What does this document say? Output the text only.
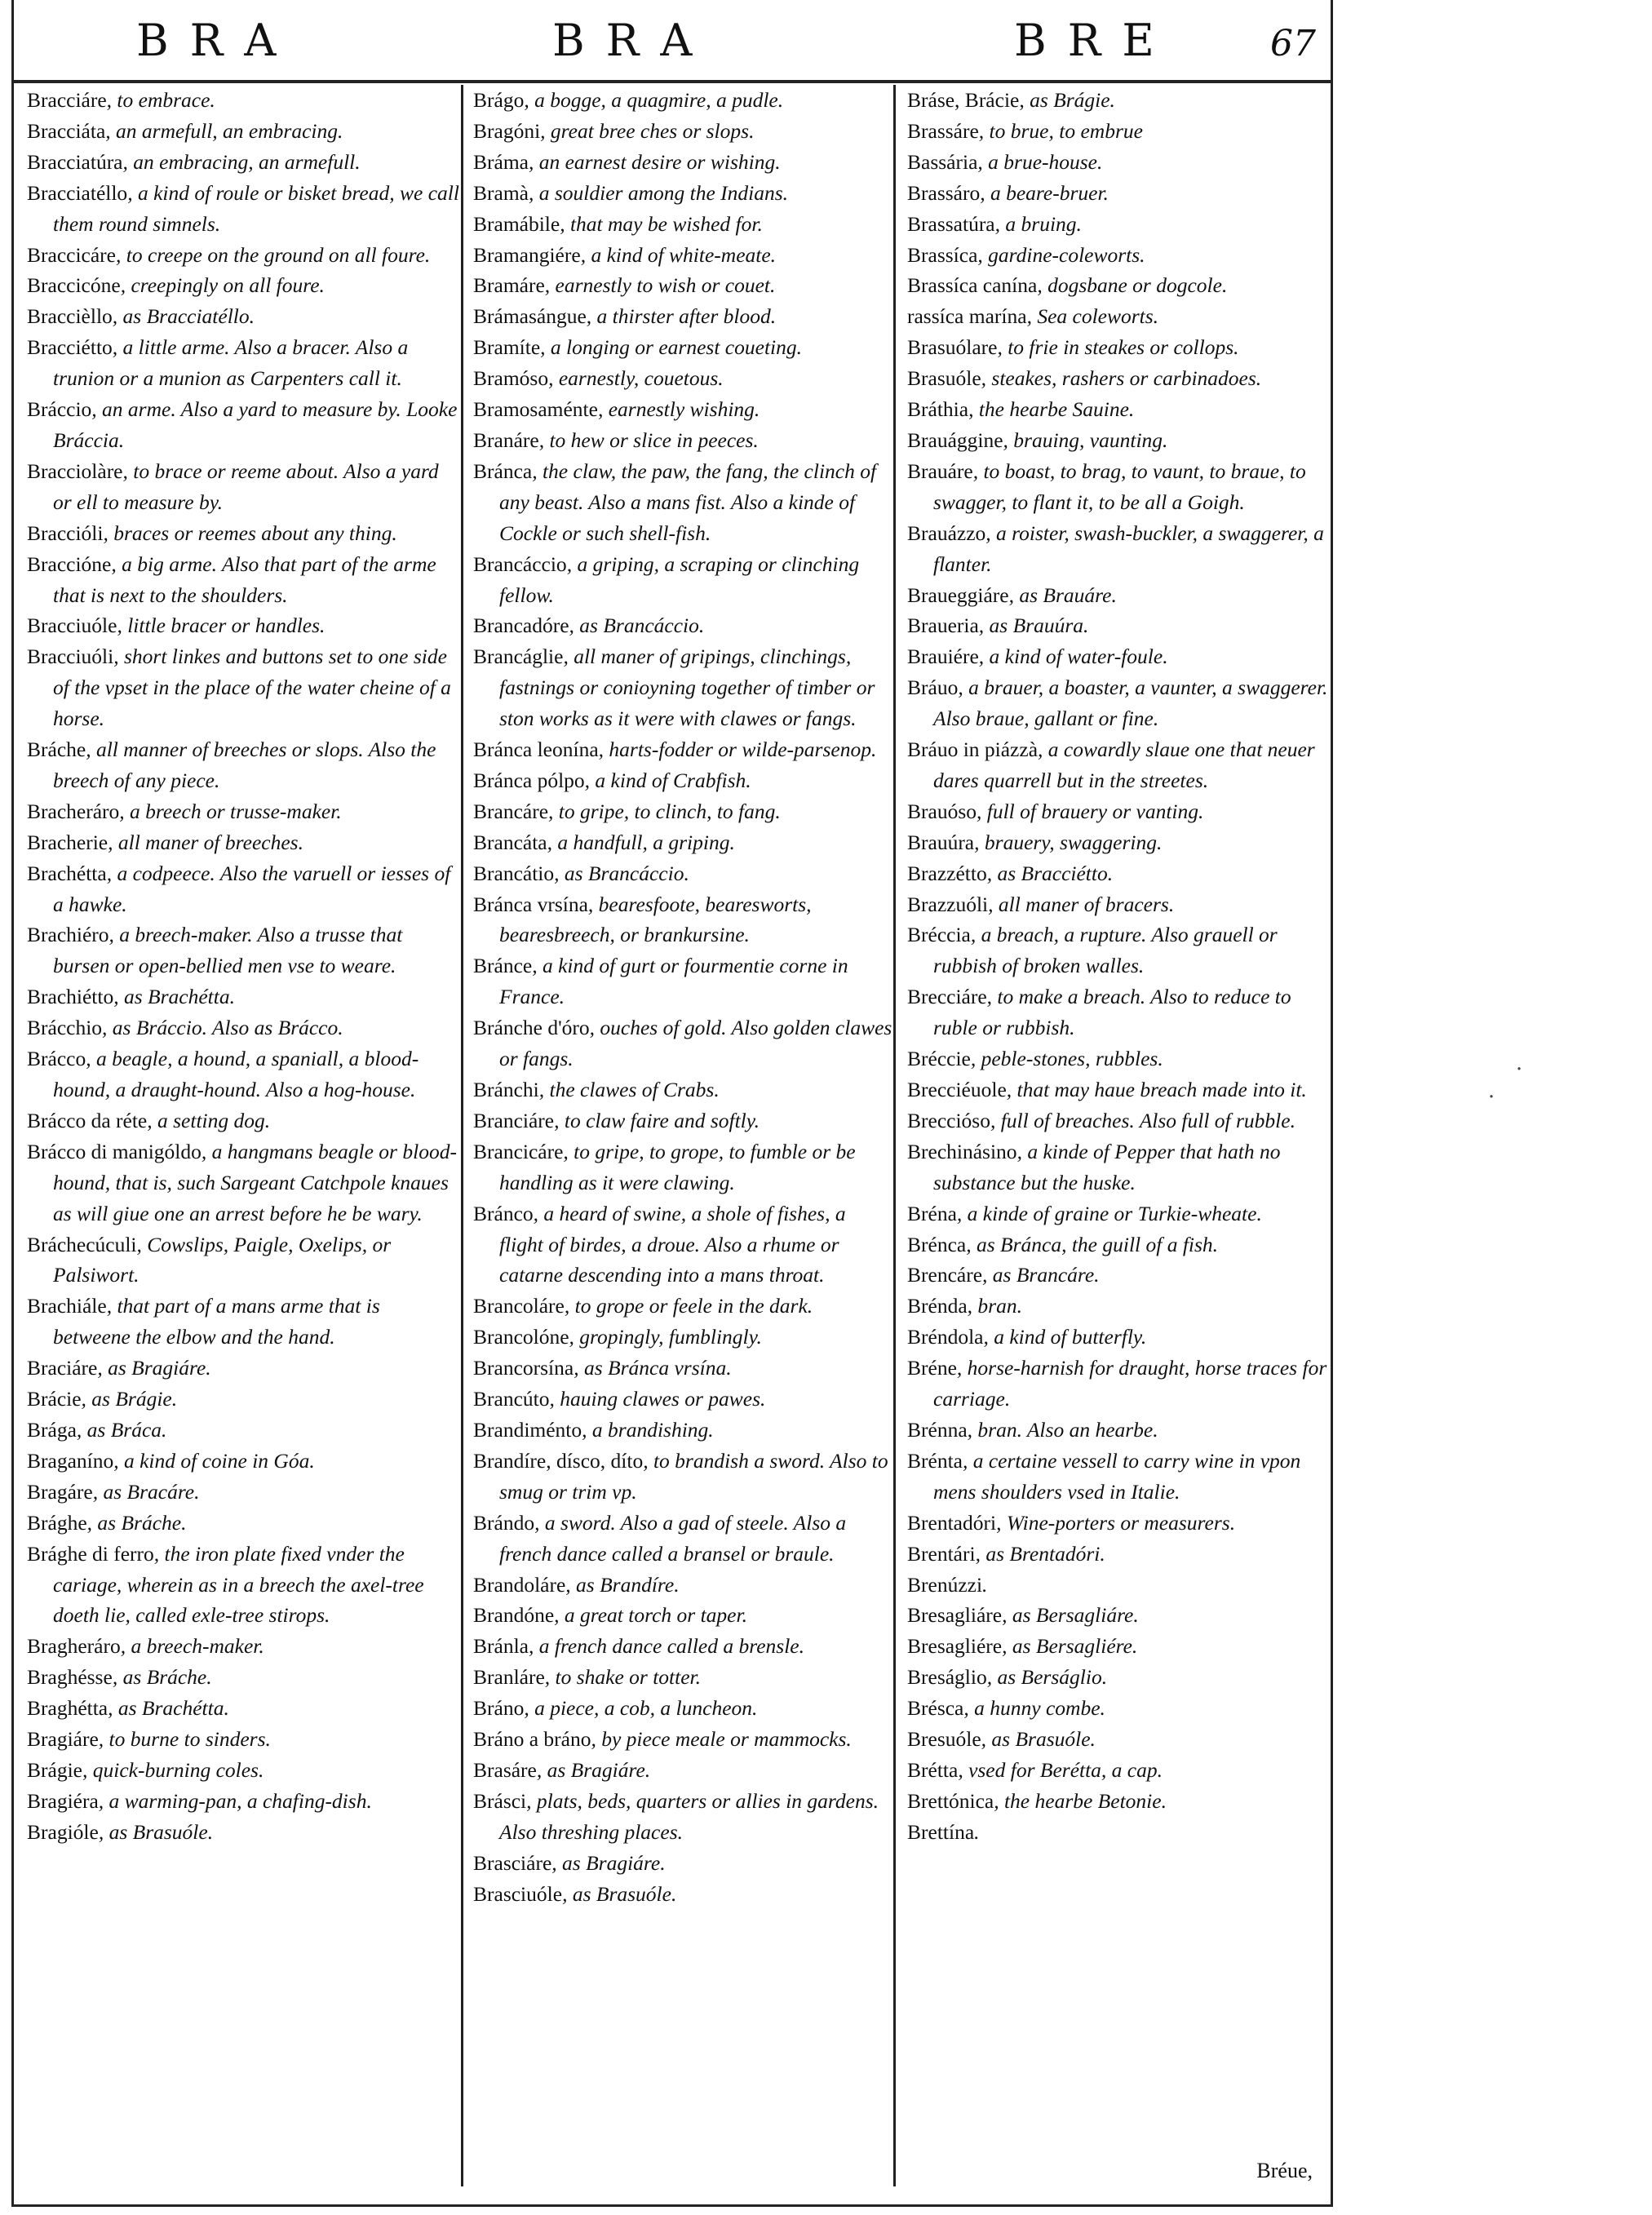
BRA	BRA	BRE	67

Bracciáre, to embrace.

Bracciáta, an armefull, an embracing.

Bracciatúra, an embracing, an armefull.

Bracciatéllo, a kind of roule or bisket bread, we call them round simnels.

Braccicáre, to creepe on the ground on all foure.

Braccicóne, creepingly on all foure.

Braccièllo, as Bracciatéllo.

Bracciétto, a little arme. Also a bracer. Also a trunion or a munion as Carpenters call it.

Bráccio, an arme. Also a yard to measure by. Looke Bráccia.

Bracciolàre, to brace or reeme about. Also a yard or ell to measure by.

Braccióli, braces or reemes about any thing.

Braccióne, a big arme. Also that part of the arme that is next to the shoulders.

Bracciuóle, little bracer or handles.

Bracciuóli, short linkes and buttons set to one side of the vpset in the place of the water cheine of a horse.

Bráche, all manner of breeches or slops. Also the breech of any piece.

Bracheráro, a breech or trusse-maker.

Bracherie, all maner of breeches.

Brachétta, a codpeece. Also the varuell or iesses of a hawke.

Brachiéro, a breech-maker. Also a trusse that bursen or open-bellied men vse to weare.

Brachiétto, as Brachétta.

Brácchio, as Bráccio. Also as Brácco.

Brácco, a beagle, a hound, a spaniall, a blood-hound, a draught-hound. Also a hog-house.

Brácco da réte, a setting dog.

Brácco di manigóldo, a hangmans beagle or blood-hound, that is, such Sargeant Catchpole knaues as will giue one an arrest before he be wary.

Bráchecúculi, Cowslips, Paigle, Oxelips, or Palsiwort.

Brachiále, that part of a mans arme that is betweene the elbow and the hand.

Braciáre, as Bragiáre.

Brácie, as Brágie.

Brága, as Bráca.

Braganíno, a kind of coine in Góa.

Bragáre, as Bracáre.

Brághe, as Bráche.

Brághe di ferro, the iron plate fixed vnder the cariage, wherein as in a breech the axel-tree doeth lie, called exle-tree stirops.

Bragheráro, a breech-maker.

Braghésse, as Bráche.

Braghétta, as Brachétta.

Bragiáre, to burne to sinders.

Brágie, quick-burning coles.

Bragiéra, a warming-pan, a chafing-dish.

Bragióle, as Brasuóle.

Brágo, a bogge, a quagmire, a pudle.

Bragóni, great bree ches or slops.

Bráma, an earnest desire or wishing.

Bramà, a souldier among the Indians.

Bramábile, that may be wished for.

Bramangiére, a kind of white-meate.

Bramáre, earnestly to wish or couet.

Brámasángue, a thirster after blood.

Bramíte, a longing or earnest coueting.

Bramóso, earnestly, couetous.

Bramosaménte, earnestly wishing.

Branáre, to hew or slice in peeces.

Bránca, the claw, the paw, the fang, the clinch of any beast. Also a mans fist. Also a kinde of Cockle or such shell-fish.

Brancáccio, a griping, a scraping or clinching fellow.

Brancadóre, as Brancáccio.

Brancáglie, all maner of gripings, clinchings, fastnings or conioyning together of timber or ston works as it were with clawes or fangs.

Bránca leonína, harts-fodder or wilde-parsenop.

Bránca pólpo, a kind of Crabfish.

Brancáre, to gripe, to clinch, to fang.

Brancáta, a handfull, a griping.

Brancátio, as Brancáccio.

Bránca vrsína, bearesfoote, bearesworts, bearesbreech, or brankursine.

Bránce, a kind of gurt or fourmentie corne in France.

Bránche d'óro, ouches of gold. Also golden clawes or fangs.

Bránchi, the clawes of Crabs.

Branciáre, to claw faire and softly.

Brancicáre, to gripe, to grope, to fumble or be handling as it were clawing.

Bránco, a heard of swine, a shole of fishes, a flight of birdes, a droue. Also a rhume or catarne descending into a mans throat.

Brancoláre, to grope or feele in the dark.

Brancolóne, gropingly, fumblingly.

Brancorsína, as Bránca vrsína.

Brancúto, hauing clawes or pawes.

Brandiménto, a brandishing.

Brandíre, dísco, díto, to brandish a sword. Also to smug or trim vp.

Brándo, a sword. Also a gad of steele. Also a french dance called a bransel or braule.

Brandoláre, as Brandíre.

Brandóne, a great torch or taper.

Bránla, a french dance called a brensle.

Branláre, to shake or totter.

Bráno, a piece, a cob, a luncheon.

Bráno a bráno, by piece meale or mammocks.

Brasáre, as Bragiáre.

Brásci, plats, beds, quarters or allies in gardens. Also threshing places.

Brasciáre, as Bragiáre.

Brasciuóle, as Brasuóle.

Bráse, Brácie, as Brágie.

Brassáre, to brue, to embrue

Bassária, a brue-house.

Brassáro, a beare-bruer.

Brassatúra, a bruing.

Brassíca, gardine-coleworts.

Brassíca canína, dogsbane or dogcole.

rassíca marína, Sea coleworts.

Brasuólare, to frie in steakes or collops.

Brasuóle, steakes, rashers or carbinadoes.

Bráthia, the hearbe Sauine.

Brauággine, brauing, vaunting.

Brauáre, to boast, to brag, to vaunt, to braue, to swagger, to flant it, to be all a Goigh.

Brauázzo, a roister, swash-buckler, a swaggerer, a flanter.

Braueggiáre, as Brauáre.

Braueria, as Brauúra.

Brauiére, a kind of water-foule.

Bráuo, a brauer, a boaster, a vaunter, a swaggerer. Also braue, gallant or fine.

Bráuo in piázzà, a cowardly slaue one that neuer dares quarrell but in the streetes.

Brauóso, full of brauery or vanting.

Brauúra, brauery, swaggering.

Brazzétto, as Bracciétto.

Brazzuóli, all maner of bracers.

Bréccia, a breach, a rupture. Also grauell or rubbish of broken walles.

Brecciáre, to make a breach. Also to reduce to ruble or rubbish.

Bréccie, peble-stones, rubbles.

Brecciéuole, that may haue breach made into it.

Brecciósο, full of breaches. Also full of rubble.

Brechinásino, a kinde of Pepper that hath no substance but the huske.

Bréna, a kinde of graine or Turkie-wheate.

Brénca, as Bránca, the guill of a fish.

Brencáre, as Brancáre.

Brénda, bran.

Bréndola, a kind of butterfly.

Bréne, horse-harnish for draught, horse traces for carriage.

Brénna, bran. Also an hearbe.

Brénta, a certaine vessell to carry wine in vpon mens shoulders vsed in Italie.

Brentadóri, Wine-porters or measurers.

Brentári, as Brentadóri.

Brenúzzi.

Bresagliáre, as Bersagliáre.

Bresagliére, as Bersagliére.

Breságlio, as Berságlio.

Brésca, a hunny combe.

Bresuóle, as Brasuóle.

Brétta, vsed for Berétta, a cap.

Brettónica, the hearbe Betonie.

Brettína.

Bréue,
·
·
